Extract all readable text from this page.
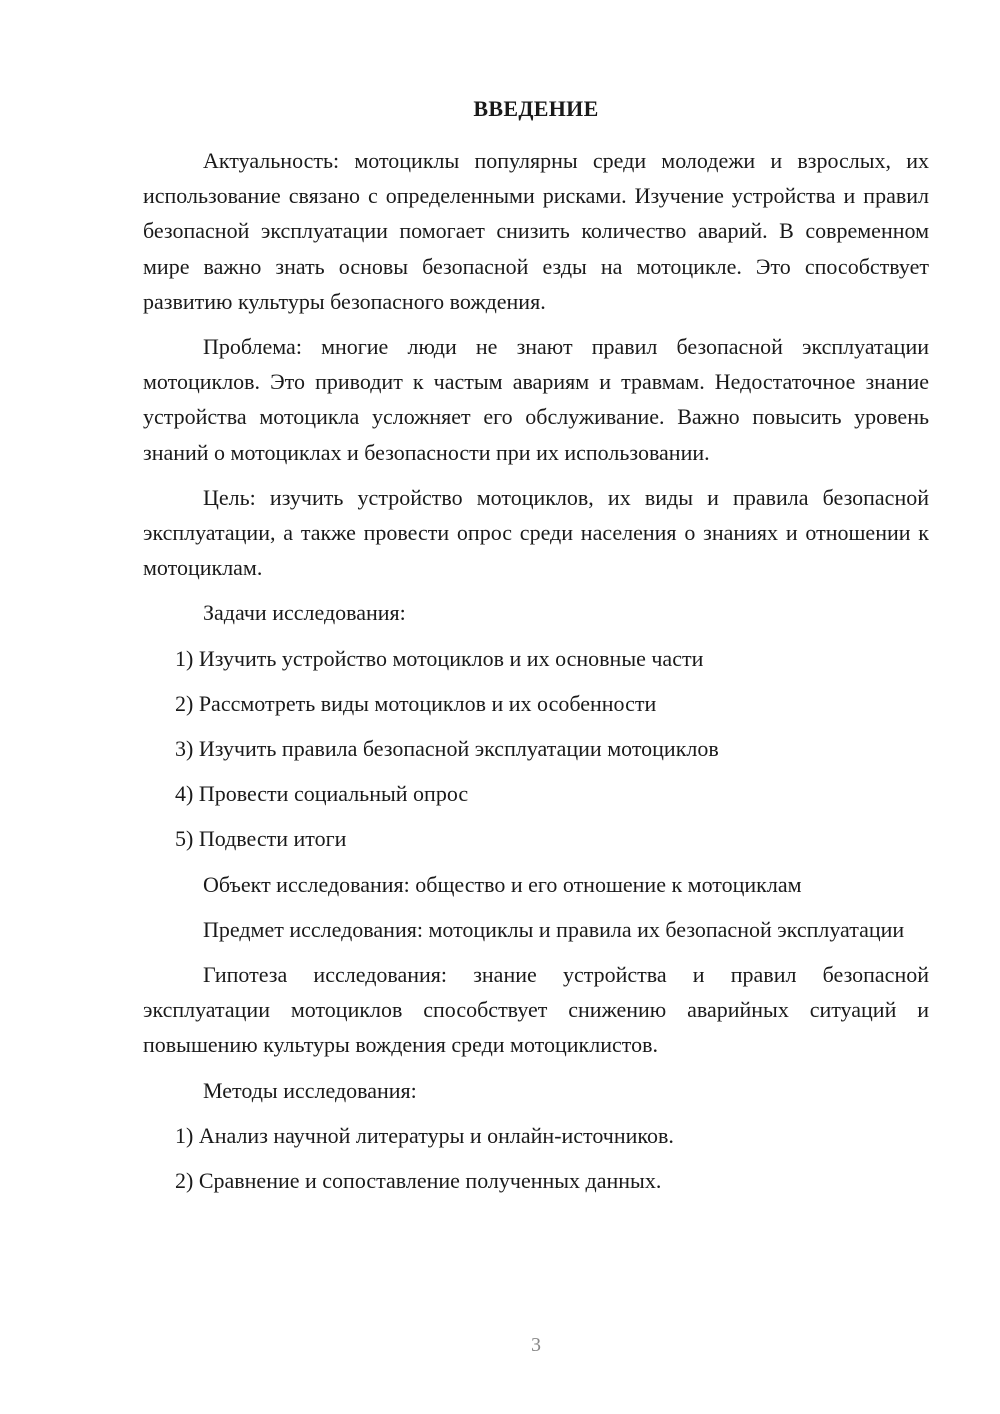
ВВЕДЕНИЕ

Актуальность: мотоциклы популярны среди молодежи и взрослых, их использование связано с определенными рисками. Изучение устройства и правил безопасной эксплуатации помогает снизить количество аварий. В современном мире важно знать основы безопасной езды на мотоцикле. Это способствует развитию культуры безопасного вождения.

Проблема: многие люди не знают правил безопасной эксплуатации мотоциклов. Это приводит к частым авариям и травмам. Недостаточное знание устройства мотоцикла усложняет его обслуживание. Важно повысить уровень знаний о мотоциклах и безопасности при их использовании.

Цель: изучить устройство мотоциклов, их виды и правила безопасной эксплуатации, а также провести опрос среди населения о знаниях и отношении к мотоциклам.

Задачи исследования:

1) Изучить устройство мотоциклов и их основные части

2) Рассмотреть виды мотоциклов и их особенности

3) Изучить правила безопасной эксплуатации мотоциклов

4) Провести социальный опрос

5) Подвести итоги

Объект исследования: общество и его отношение к мотоциклам

Предмет исследования: мотоциклы и правила их безопасной эксплуатации

Гипотеза исследования: знание устройства и правил безопасной эксплуатации мотоциклов способствует снижению аварийных ситуаций и повышению культуры вождения среди мотоциклистов.

Методы исследования:

1) Анализ научной литературы и онлайн-источников.

2) Сравнение и сопоставление полученных данных.

3
